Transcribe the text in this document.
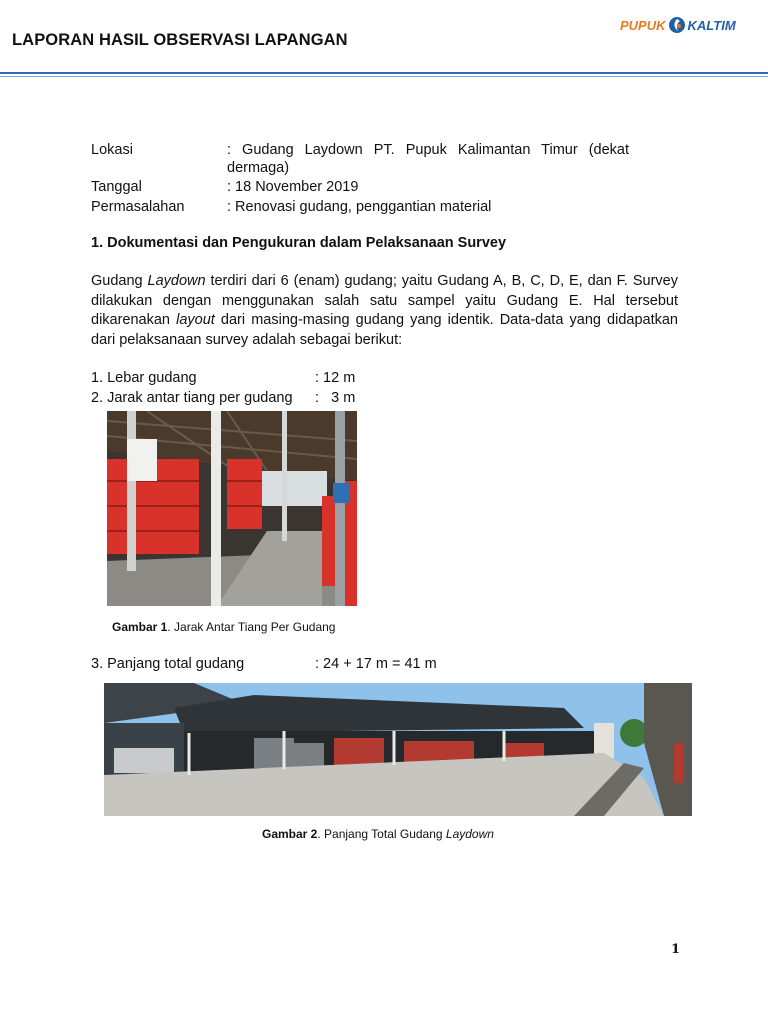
LAPORAN HASIL OBSERVASI LAPANGAN
PUPUK KALTIM
Lokasi	: Gudang Laydown PT. Pupuk Kalimantan Timur (dekat dermaga)
Tanggal	: 18 November 2019
Permasalahan	: Renovasi gudang, penggantian material
1. Dokumentasi dan Pengukuran dalam Pelaksanaan Survey
Gudang Laydown terdiri dari 6 (enam) gudang; yaitu Gudang A, B, C, D, E, dan F. Survey dilakukan dengan menggunakan salah satu sampel yaitu Gudang E. Hal tersebut dikarenakan layout dari masing-masing gudang yang identik. Data-data yang didapatkan dari pelaksanaan survey adalah sebagai berikut:
1. Lebar gudang	: 12 m
2. Jarak antar tiang per gudang :   3 m
Gambar 1. Jarak Antar Tiang Per Gudang
3. Panjang total gudang	: 24 + 17 m = 41 m
Gambar 2. Panjang Total Gudang Laydown
1
